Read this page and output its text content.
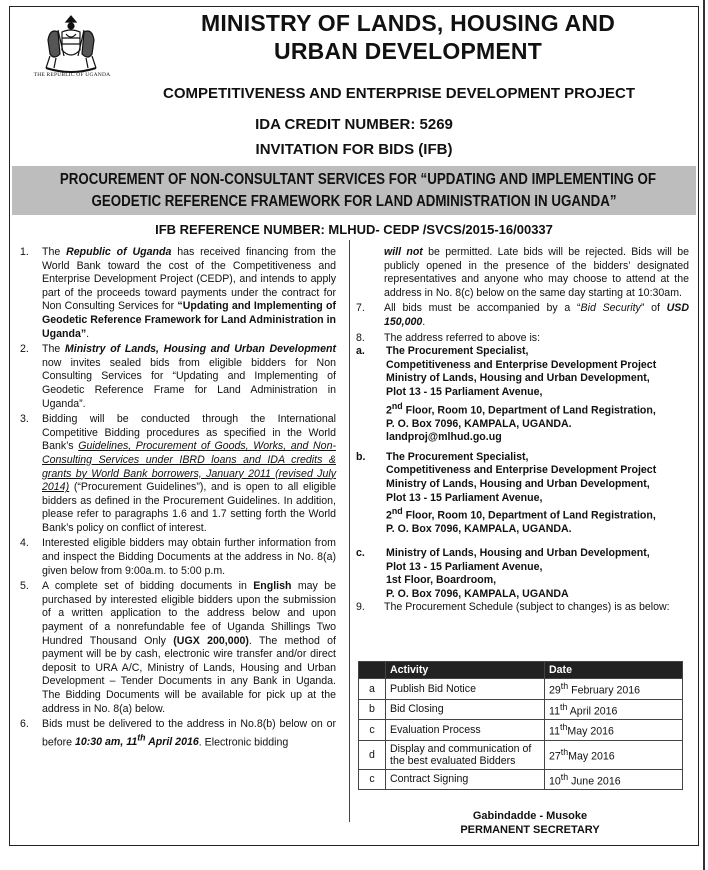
THE REPUBLIC OF UGANDA
MINISTRY OF LANDS, HOUSING AND
URBAN DEVELOPMENT
COMPETITIVENESS AND ENTERPRISE DEVELOPMENT PROJECT
IDA CREDIT NUMBER: 5269
INVITATION FOR BIDS (IFB)
PROCUREMENT OF NON-CONSULTANT SERVICES FOR “UPDATING AND IMPLEMENTING OF
GEODETIC REFERENCE FRAMEWORK FOR LAND ADMINISTRATION IN UGANDA”
IFB REFERENCE NUMBER: MLHUD- CEDP /SVCS/2015-16/00337
1. The Republic of Uganda has received financing from the World Bank toward the cost of the Competitiveness and Enterprise Development Project (CEDP), and intends to apply part of the proceeds toward payments under the contract for Non Consulting Services for “Updating and Implementing of Geodetic Reference Framework for Land Administration in Uganda”.
2. The Ministry of Lands, Housing and Urban Development now invites sealed bids from eligible bidders for Non Consulting Services for “Updating and Implementing of Geodetic Reference Frame for Land Administration in Uganda”.
3. Bidding will be conducted through the International Competitive Bidding procedures as specified in the World Bank’s Guidelines, Procurement of Goods, Works, and Non-Consulting Services under IBRD loans and IDA credits & grants by World Bank borrowers, January 2011 (revised July 2014) (“Procurement Guidelines”), and is open to all eligible bidders as defined in the Procurement Guidelines. In addition, please refer to paragraphs 1.6 and 1.7 setting forth the World Bank’s policy on conflict of interest.
4. Interested eligible bidders may obtain further information from and inspect the Bidding Documents at the address in No. 8(a) given below from 9:00a.m. to 5:00 p.m.
5. A complete set of bidding documents in English may be purchased by interested eligible bidders upon the submission of a written application to the address below and upon payment of a nonrefundable fee of Uganda Shillings Two Hundred Thousand Only (UGX 200,000). The method of payment will be by cash, electronic wire transfer and/or direct deposit to URA A/C, Ministry of Lands, Housing and Urban Development – Tender Documents in any Bank in Uganda. The Bidding Documents will be available for pick up at the address in No. 8(a) below.
6. Bids must be delivered to the address in No.8(b) below on or before 10:30 am, 11th April 2016. Electronic bidding
will not be permitted. Late bids will be rejected. Bids will be publicly opened in the presence of the bidders’ designated representatives and anyone who may choose to attend at the address in No. 8(c) below on the same day starting at 10:30am.
7. All bids must be accompanied by a “Bid Security” of USD 150,000.
8. The address referred to above is:
a. The Procurement Specialist,
Competitiveness and Enterprise Development Project
Ministry of Lands, Housing and Urban Development,
Plot 13 - 15 Parliament Avenue,
2nd Floor, Room 10, Department of Land Registration,
P. O. Box 7096, KAMPALA, UGANDA.
landproj@mlhud.go.ug
b. The Procurement Specialist,
Competitiveness and Enterprise Development Project
Ministry of Lands, Housing and Urban Development,
Plot 13 - 15 Parliament Avenue,
2nd Floor, Room 10, Department of Land Registration,
P. O. Box 7096, KAMPALA, UGANDA.
c. Ministry of Lands, Housing and Urban Development,
Plot 13 - 15 Parliament Avenue,
1st Floor, Boardroom,
P. O. Box 7096, KAMPALA, UGANDA
9. The Procurement Schedule (subject to changes) is as below:
	Activity	Date
a	Publish Bid Notice	29th February 2016
b	Bid Closing	11th April 2016
c	Evaluation Process	11thMay 2016
d	Display and communication of the best evaluated Bidders	27thMay 2016
c	Contract Signing	10th June 2016
Gabindadde - Musoke
PERMANENT SECRETARY
